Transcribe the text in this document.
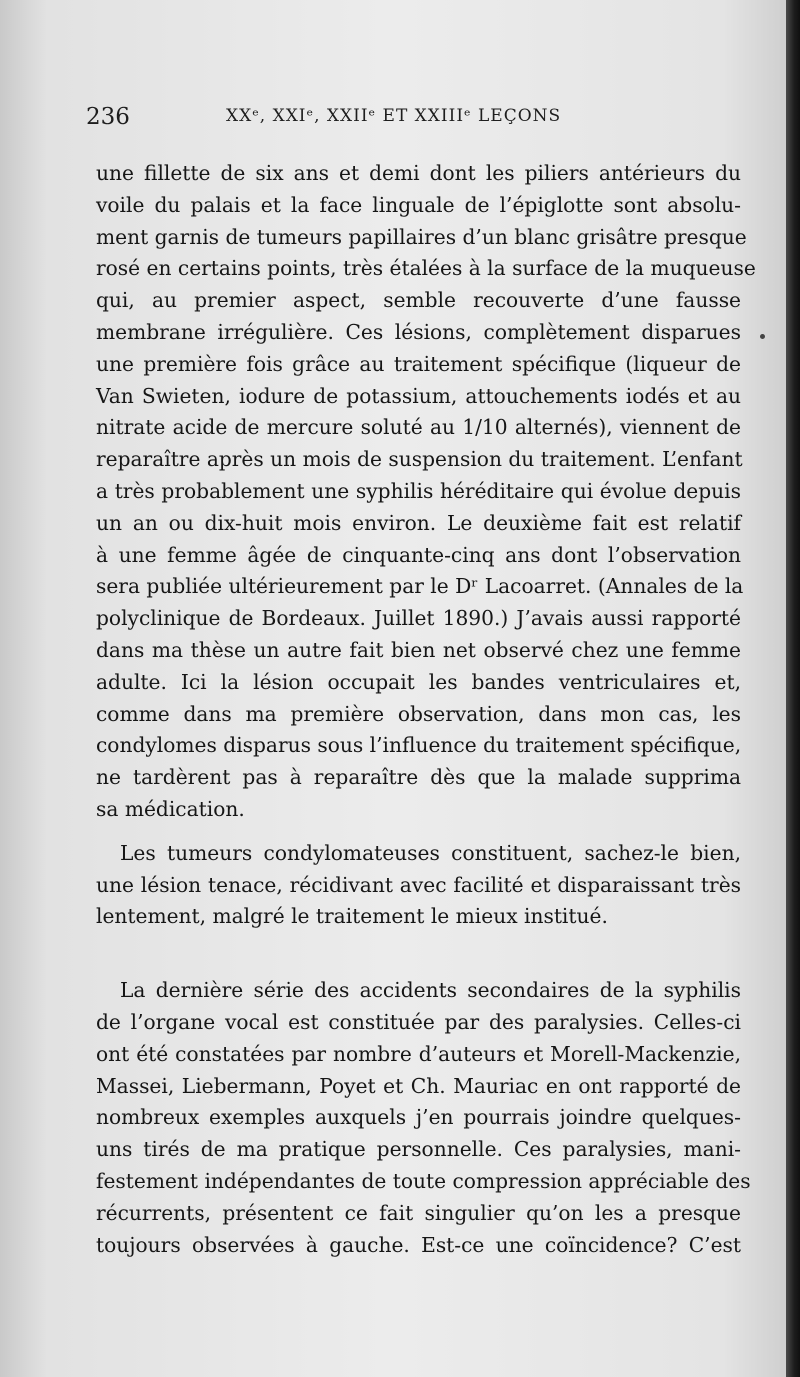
236	XXᵉ, XXIᵉ, XXIIᵉ ET XXIIIᵉ LEÇONS

une fillette de six ans et demi dont les piliers antérieurs du
voile du palais et la face linguale de l’épiglotte sont absolu-
ment garnis de tumeurs papillaires d’un blanc grisâtre presque
rosé en certains points, très étalées à la surface de la muqueuse
qui, au premier aspect, semble recouverte d’une fausse
membrane irrégulière. Ces lésions, complètement disparues
une première fois grâce au traitement spécifique (liqueur de
Van Swieten, iodure de potassium, attouchements iodés et au
nitrate acide de mercure soluté au 1/10 alternés), viennent de
reparaître après un mois de suspension du traitement. L’enfant
a très probablement une syphilis héréditaire qui évolue depuis
un an ou dix-huit mois environ. Le deuxième fait est relatif
à une femme âgée de cinquante-cinq ans dont l’observation
sera publiée ultérieurement par le Dʳ Lacoarret. (Annales de la
polyclinique de Bordeaux. Juillet 1890.) J’avais aussi rapporté
dans ma thèse un autre fait bien net observé chez une femme
adulte. Ici la lésion occupait les bandes ventriculaires et,
comme dans ma première observation, dans mon cas, les
condylomes disparus sous l’influence du traitement spécifique,
ne tardèrent pas à reparaître dès que la malade supprima
sa médication.

Les tumeurs condylomateuses constituent, sachez-le bien,
une lésion tenace, récidivant avec facilité et disparaissant très
lentement, malgré le traitement le mieux institué.

La dernière série des accidents secondaires de la syphilis
de l’organe vocal est constituée par des paralysies. Celles-ci
ont été constatées par nombre d’auteurs et Morell-Mackenzie,
Massei, Liebermann, Poyet et Ch. Mauriac en ont rapporté de
nombreux exemples auxquels j’en pourrais joindre quelques-
uns tirés de ma pratique personnelle. Ces paralysies, mani-
festement indépendantes de toute compression appréciable des
récurrents, présentent ce fait singulier qu’on les a presque
toujours observées à gauche. Est-ce une coïncidence? C’est
